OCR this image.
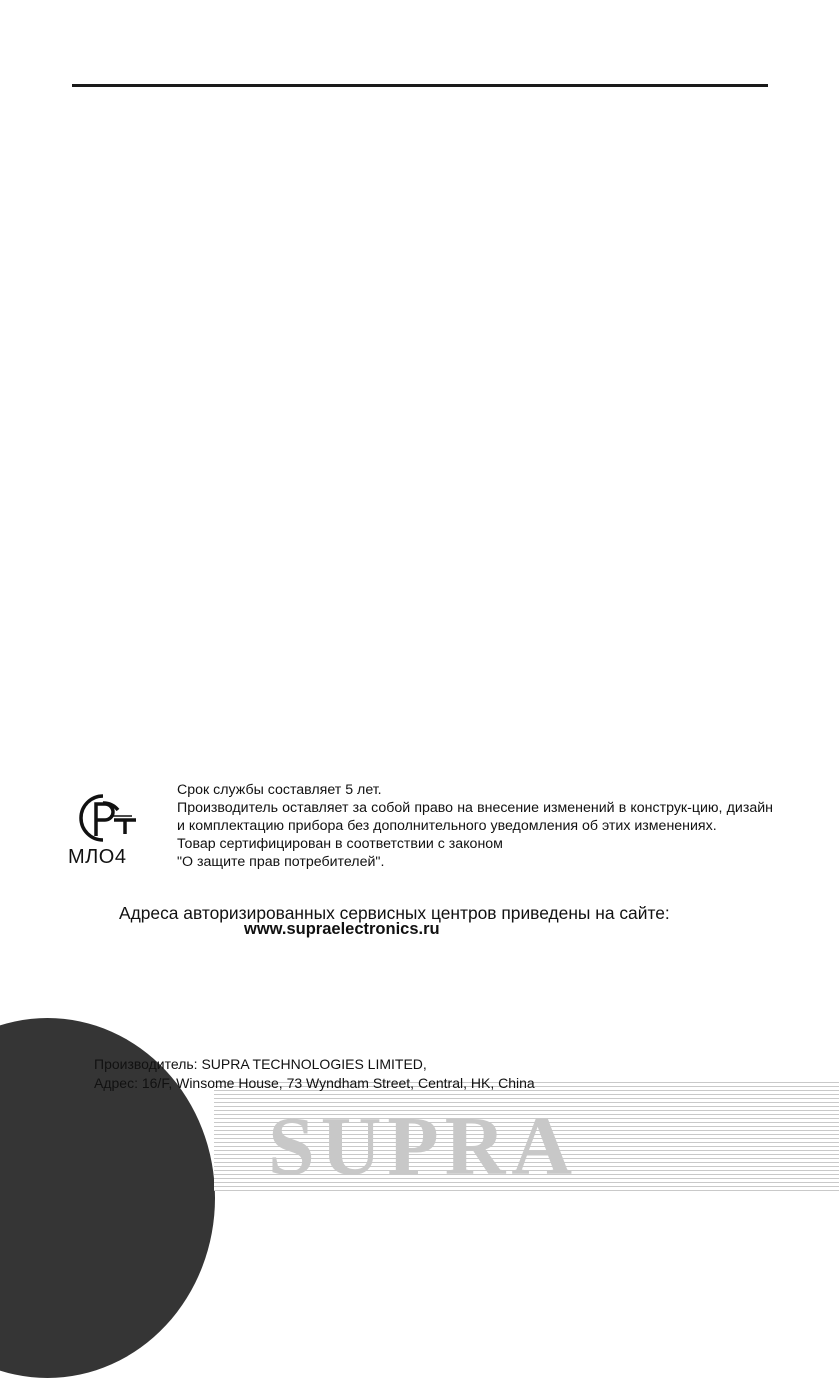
МЛО4

Срок службы составляет 5 лет.

Производитель оставляет за собой право на внесение изменений в конструк-цию, дизайн и комплектацию прибора без дополнительного уведомления об этих изменениях.

Товар сертифицирован в соответствии с законом

"О защите прав потребителей".

Адреса авторизированных сервисных центров приведены на сайте:
www.supraelectronics.ru
SUPRA

Производитель: SUPRA TECHNOLOGIES LIMITED,

Адрес: 16/F, Winsome House, 73 Wyndham Street, Central, HK, China
